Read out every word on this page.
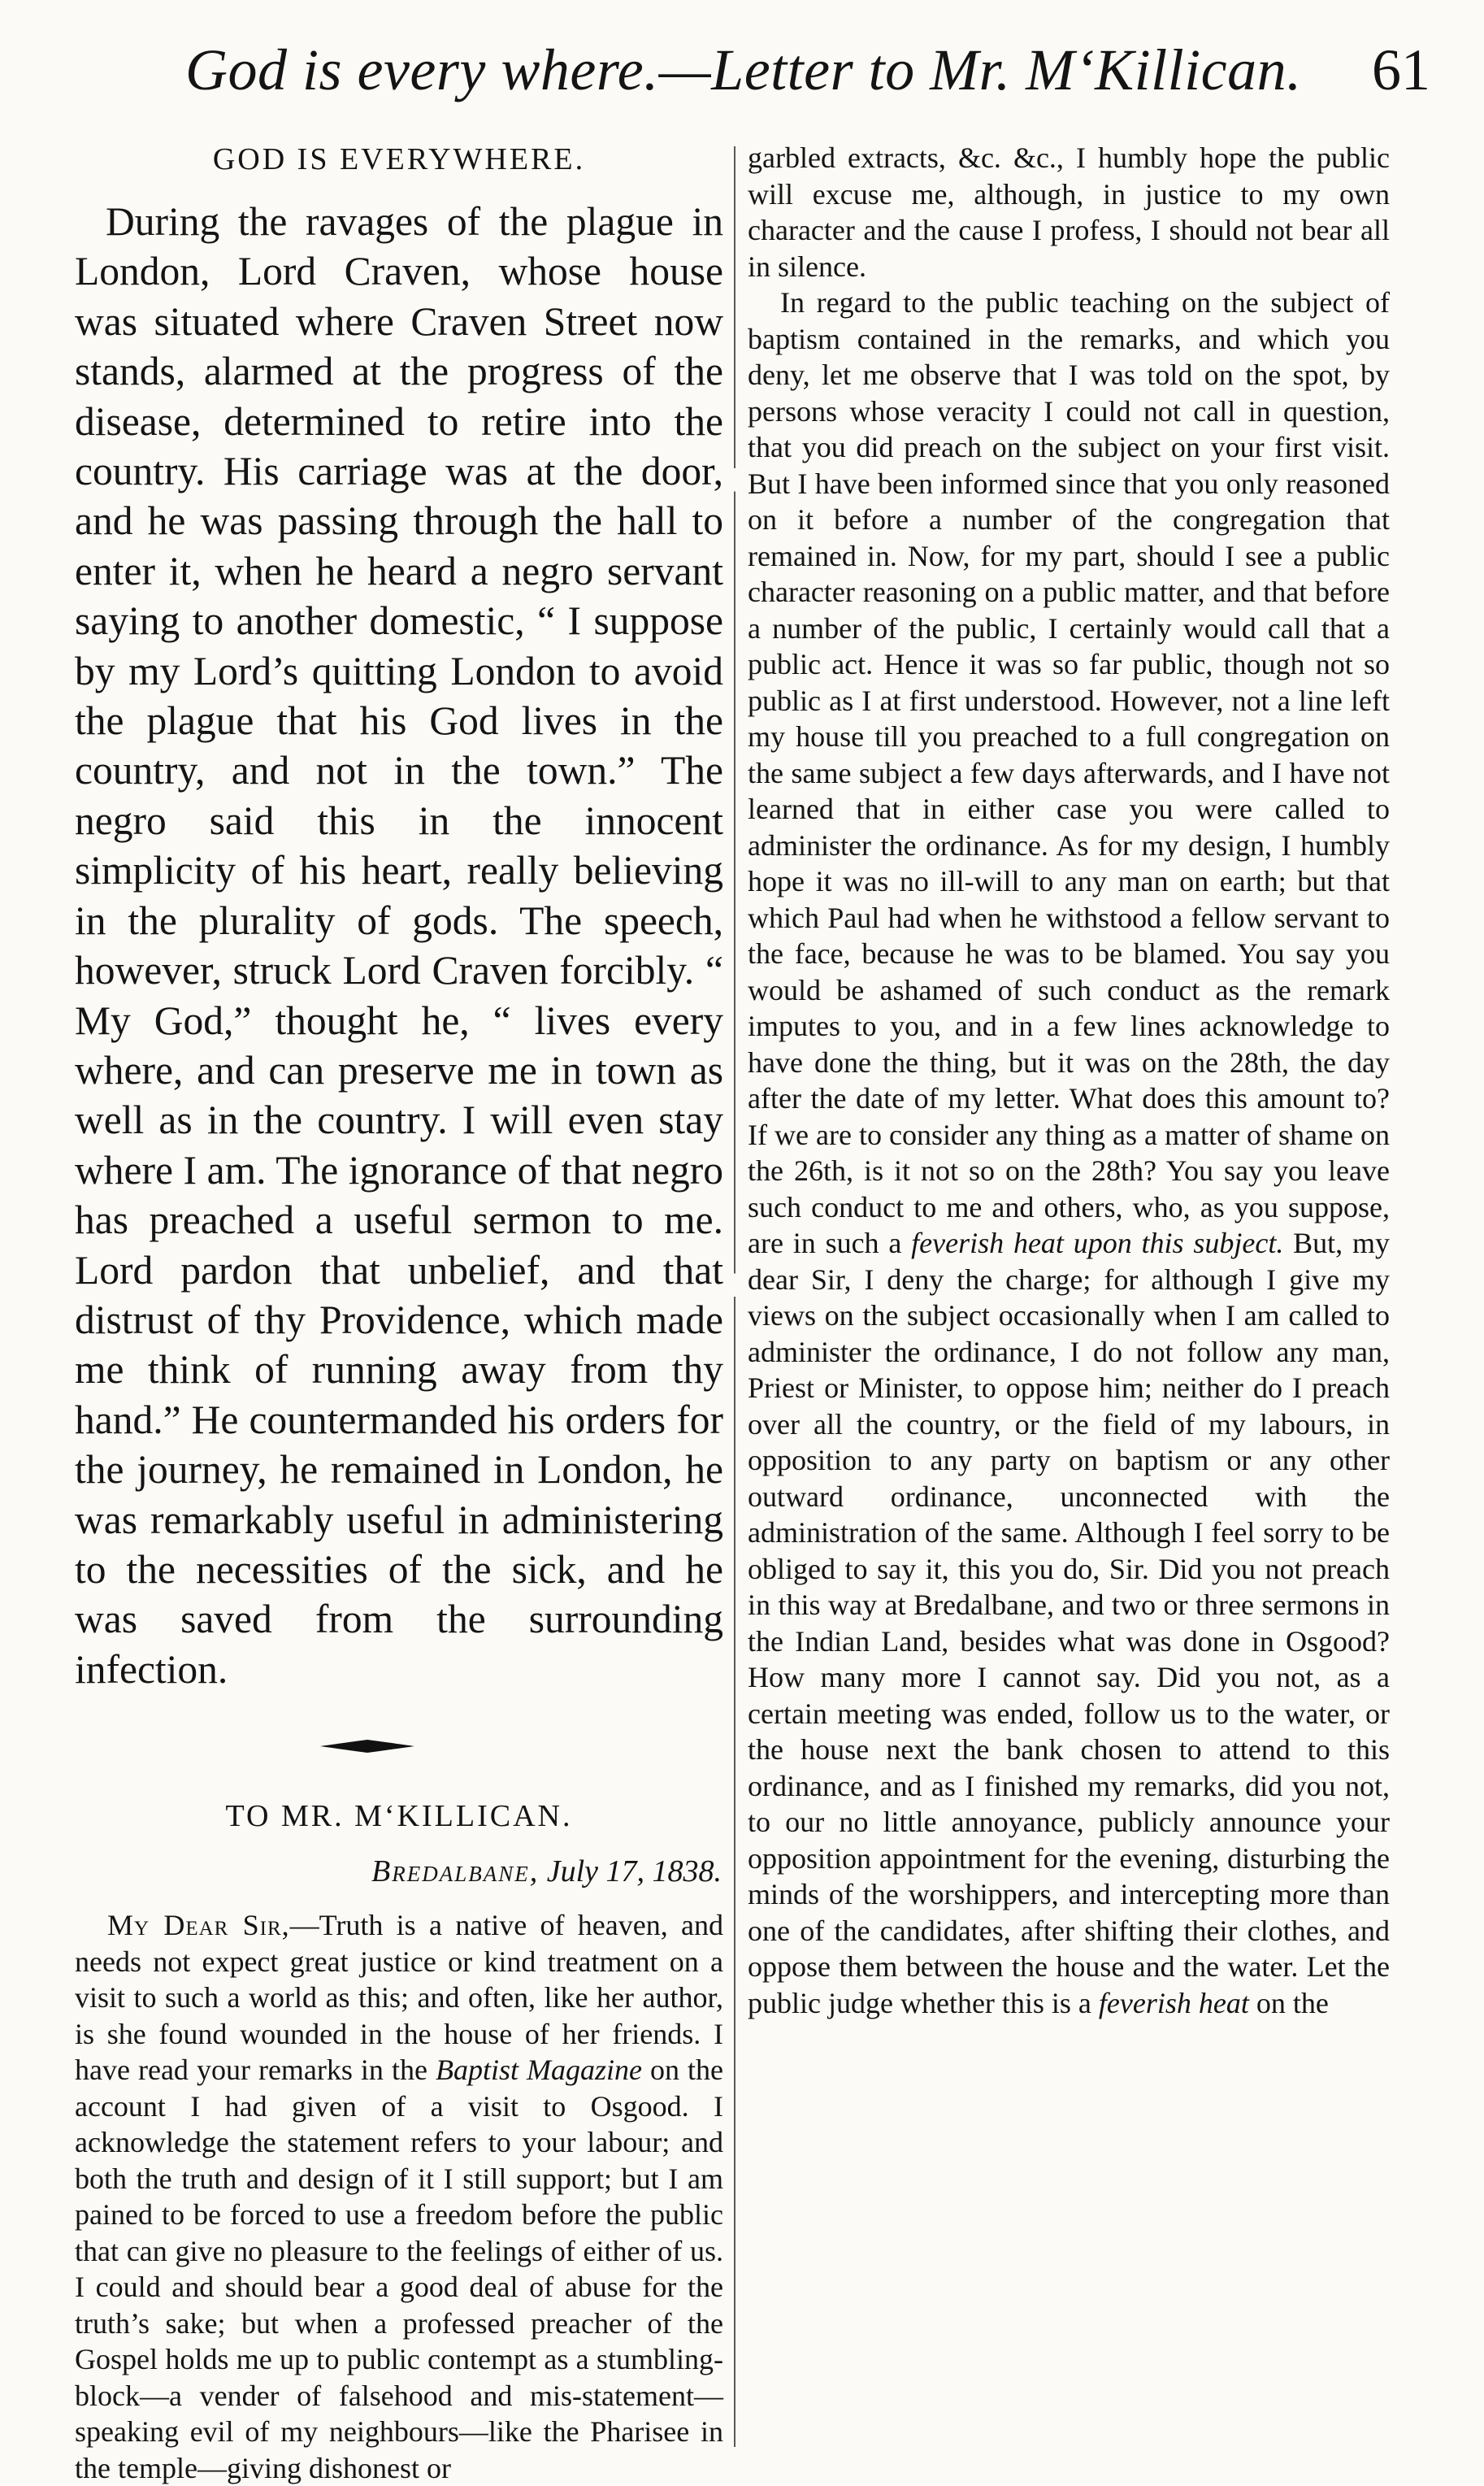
God is every where.—Letter to Mr. M‘Killican.	61
GOD IS EVERYWHERE.

During the ravages of the plague in London, Lord Craven, whose house was situated where Craven Street now stands, alarmed at the progress of the disease, determined to retire into the country. His carriage was at the door, and he was passing through the hall to enter it, when he heard a negro servant saying to another domestic, “ I suppose by my Lord’s quitting London to avoid the plague that his God lives in the country, and not in the town.” The negro said this in the innocent simplicity of his heart, really believing in the plurality of gods. The speech, however, struck Lord Craven forcibly. “ My God,” thought he, “ lives every where, and can preserve me in town as well as in the country. I will even stay where I am. The ignorance of that negro has preached a useful sermon to me. Lord pardon that unbelief, and that distrust of thy Providence, which made me think of running away from thy hand.” He countermanded his orders for the journey, he remained in London, he was remarkably useful in administering to the necessities of the sick, and he was saved from the surrounding infection.

TO MR. M‘KILLICAN.
Bredalbane, July 17, 1838.

My Dear Sir,—Truth is a native of heaven, and needs not expect great justice or kind treatment on a visit to such a world as this; and often, like her author, is she found wounded in the house of her friends. I have read your remarks in the Baptist Magazine on the account I had given of a visit to Osgood. I acknowledge the statement refers to your labour; and both the truth and design of it I still support; but I am pained to be forced to use a freedom before the public that can give no pleasure to the feelings of either of us. I could and should bear a good deal of abuse for the truth’s sake; but when a professed preacher of the Gospel holds me up to public contempt as a stumbling-block—a vender of falsehood and mis-statement—speaking evil of my neighbours—like the Pharisee in the temple—giving dishonest or

garbled extracts, &c. &c., I humbly hope the public will excuse me, although, in justice to my own character and the cause I profess, I should not bear all in silence.

In regard to the public teaching on the subject of baptism contained in the remarks, and which you deny, let me observe that I was told on the spot, by persons whose veracity I could not call in question, that you did preach on the subject on your first visit. But I have been informed since that you only reasoned on it before a number of the congregation that remained in. Now, for my part, should I see a public character reasoning on a public matter, and that before a number of the public, I certainly would call that a public act. Hence it was so far public, though not so public as I at first understood. However, not a line left my house till you preached to a full congregation on the same subject a few days afterwards, and I have not learned that in either case you were called to administer the ordinance. As for my design, I humbly hope it was no ill-will to any man on earth; but that which Paul had when he withstood a fellow servant to the face, because he was to be blamed. You say you would be ashamed of such conduct as the remark imputes to you, and in a few lines acknowledge to have done the thing, but it was on the 28th, the day after the date of my letter. What does this amount to? If we are to consider any thing as a matter of shame on the 26th, is it not so on the 28th? You say you leave such conduct to me and others, who, as you suppose, are in such a feverish heat upon this subject. But, my dear Sir, I deny the charge; for although I give my views on the subject occasionally when I am called to administer the ordinance, I do not follow any man, Priest or Minister, to oppose him; neither do I preach over all the country, or the field of my labours, in opposition to any party on baptism or any other outward ordinance, unconnected with the administration of the same. Although I feel sorry to be obliged to say it, this you do, Sir. Did you not preach in this way at Bredalbane, and two or three sermons in the Indian Land, besides what was done in Osgood? How many more I cannot say. Did you not, as a certain meeting was ended, follow us to the water, or the house next the bank chosen to attend to this ordinance, and as I finished my remarks, did you not, to our no little annoyance, publicly announce your opposition appointment for the evening, disturbing the minds of the worshippers, and intercepting more than one of the candidates, after shifting their clothes, and oppose them between the house and the water. Let the public judge whether this is a feverish heat on the
